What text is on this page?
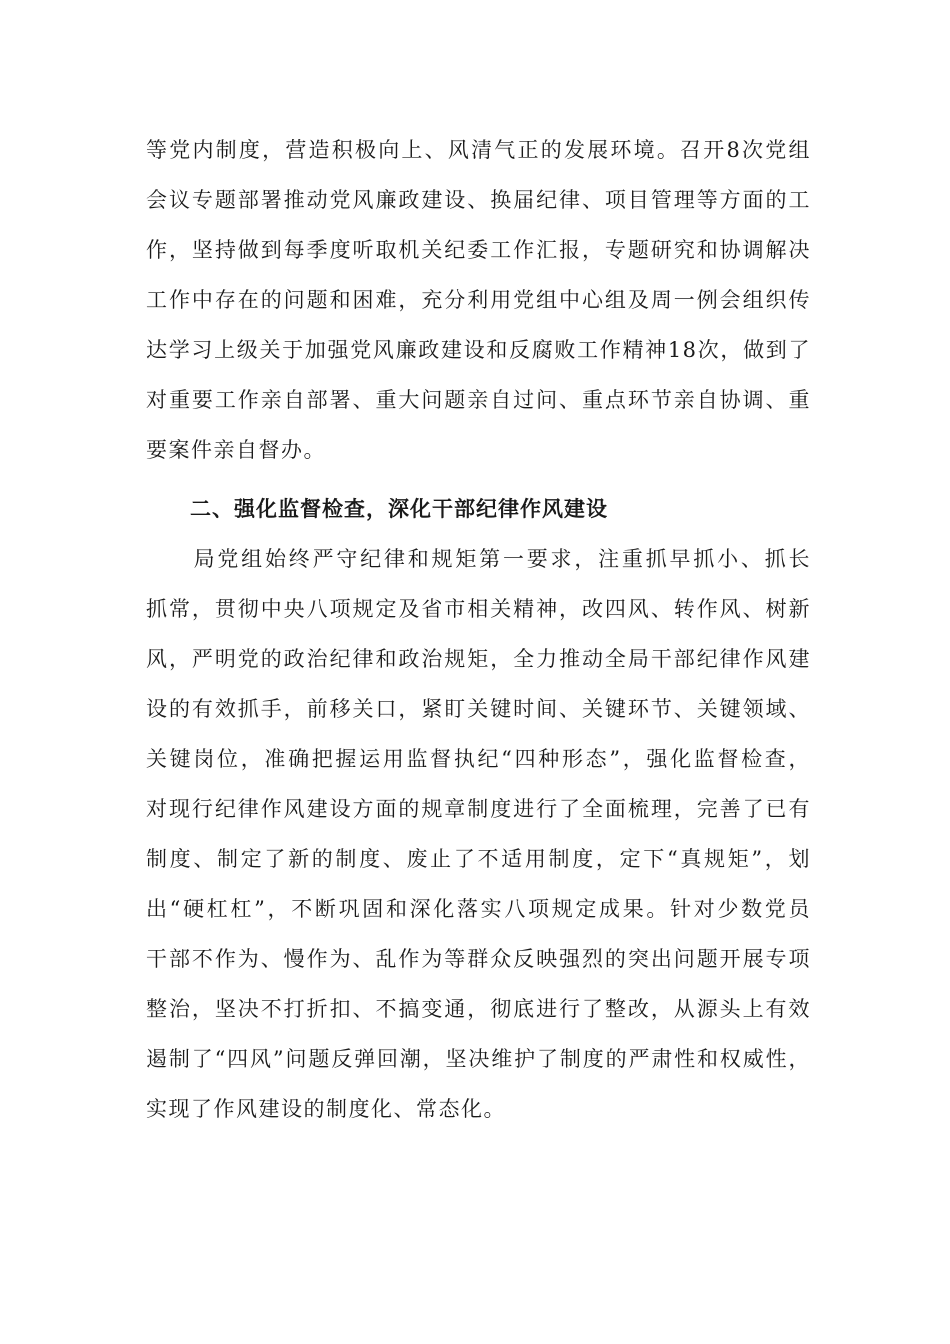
等党内制度，营造积极向上、风清气正的发展环境。召开8次党组
会议专题部署推动党风廉政建设、换届纪律、项目管理等方面的工
作，坚持做到每季度听取机关纪委工作汇报，专题研究和协调解决
工作中存在的问题和困难，充分利用党组中心组及周一例会组织传
达学习上级关于加强党风廉政建设和反腐败工作精神18次，做到了
对重要工作亲自部署、重大问题亲自过问、重点环节亲自协调、重
要案件亲自督办。
二、强化监督检查，深化干部纪律作风建设
　　局党组始终严守纪律和规矩第一要求，注重抓早抓小、抓长
抓常，贯彻中央八项规定及省市相关精神，改四风、转作风、树新
风，严明党的政治纪律和政治规矩，全力推动全局干部纪律作风建
设的有效抓手，前移关口，紧盯关键时间、关键环节、关键领域、
关键岗位，准确把握运用监督执纪“四种形态”，强化监督检查，
对现行纪律作风建设方面的规章制度进行了全面梳理，完善了已有
制度、制定了新的制度、废止了不适用制度，定下“真规矩”，划
出“硬杠杠”，不断巩固和深化落实八项规定成果。针对少数党员
干部不作为、慢作为、乱作为等群众反映强烈的突出问题开展专项
整治，坚决不打折扣、不搞变通，彻底进行了整改，从源头上有效
遏制了“四风”问题反弹回潮，坚决维护了制度的严肃性和权威性，
实现了作风建设的制度化、常态化。
